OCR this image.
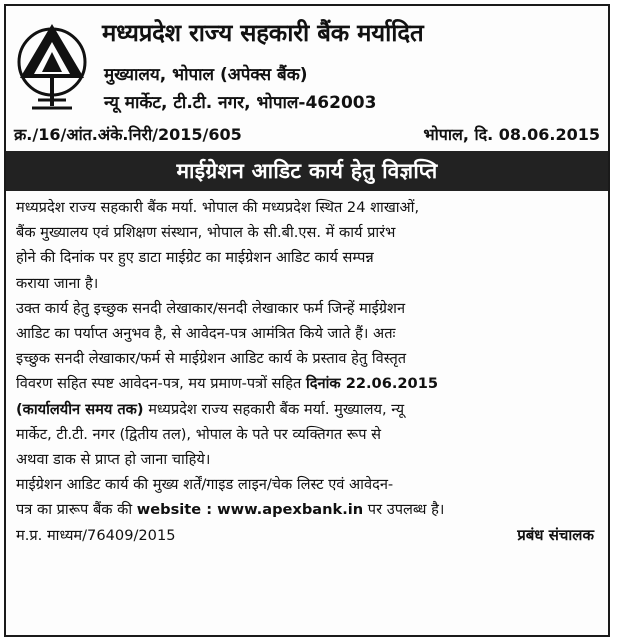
मध्यप्रदेश राज्य सहकारी बैंक मर्यादित
मुख्यालय, भोपाल (अपेक्स बैंक)
न्यू मार्केट, टी.टी. नगर, भोपाल-462003
क्र./16/आंत.अंके.निरी/2015/605	भोपाल, दि. 08.06.2015
माईग्रेशन आडिट कार्य हेतु विज्ञप्ति

मध्यप्रदेश राज्य सहकारी बैंक मर्या. भोपाल की मध्यप्रदेश स्थित 24 शाखाओं,
बैंक मुख्यालय एवं प्रशिक्षण संस्थान, भोपाल के सी.बी.एस. में कार्य प्रारंभ
होने की दिनांक पर हुए डाटा माईग्रेट का माईग्रेशन आडिट कार्य सम्पन्न
कराया जाना है।

उक्त कार्य हेतु इच्छुक सनदी लेखाकार/सनदी लेखाकार फर्म जिन्हें माईग्रेशन
आडिट का पर्याप्त अनुभव है, से आवेदन-पत्र आमंत्रित किये जाते हैं। अतः
इच्छुक सनदी लेखाकार/फर्म से माईग्रेशन आडिट कार्य के प्रस्ताव हेतु विस्तृत
विवरण सहित स्पष्ट आवेदन-पत्र, मय प्रमाण-पत्रों सहित दिनांक 22.06.2015
(कार्यालयीन समय तक) मध्यप्रदेश राज्य सहकारी बैंक मर्या. मुख्यालय, न्यू
मार्केट, टी.टी. नगर (द्वितीय तल), भोपाल के पते पर व्यक्तिगत रूप से
अथवा डाक से प्राप्त हो जाना चाहिये।

माईग्रेशन आडिट कार्य की मुख्य शर्तें/गाइड लाइन/चेक लिस्ट एवं आवेदन-
पत्र का प्रारूप बैंक की website : www.apexbank.in पर उपलब्ध है।

म.प्र. माध्यम/76409/2015	प्रबंध संचालक
